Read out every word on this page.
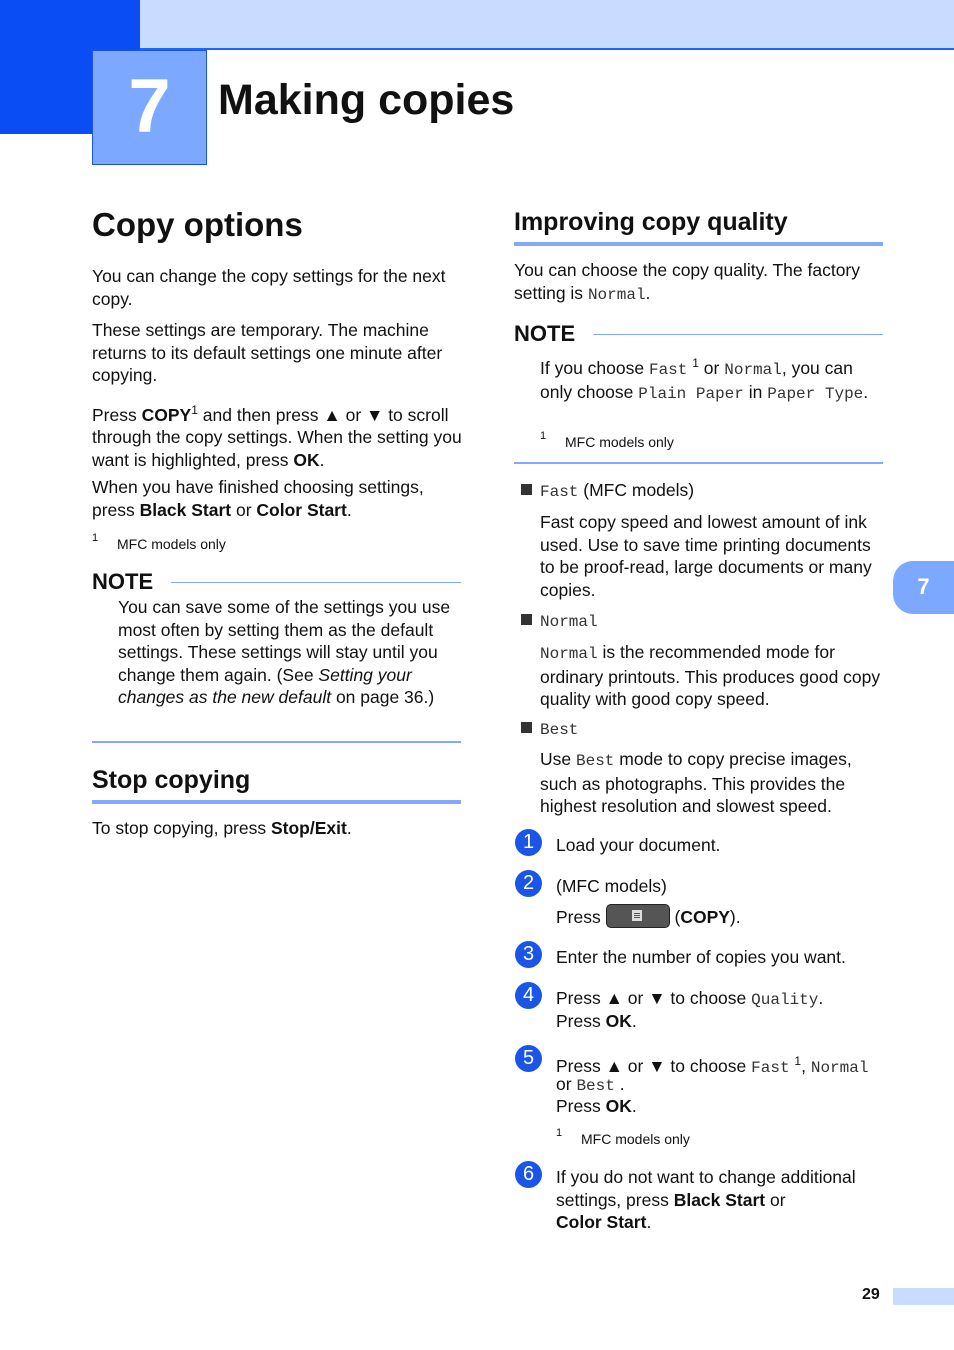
7	Making copies
Copy options

You can change the copy settings for the next copy.

These settings are temporary. The machine returns to its default settings one minute after copying.

Press COPY$^1$ and then press ▲ or ▼ to scroll through the copy settings. When the setting you want is highlighted, press OK.

When you have finished choosing settings, press Black Start or Color Start.

1 MFC models only
NOTE

You can save some of the settings you use most often by setting them as the default settings. These settings will stay until you change them again. (See Setting your changes as the new default on page 36.)

Stop copying

To stop copying, press Stop/Exit.

Improving copy quality

You can choose the copy quality. The factory setting is Normal.

NOTE

If you choose Fast $^1$ or Normal, you can only choose Plain Paper in Paper Type.

1 MFC models only

Fast (MFC models)

Fast copy speed and lowest amount of ink used. Use to save time printing documents to be proof-read, large documents or many copies.

Normal

Normal is the recommended mode for ordinary printouts. This produces good copy quality with good copy speed.

Best

Use Best mode to copy precise images, such as photographs. This provides the highest resolution and slowest speed.

1	Load your document.

2	(MFC models)

Press	(COPY).

3	Enter the number of copies you want.

4	Press ▲ or ▼ to choose Quality.

Press OK.

5	Press ▲ or ▼ to choose Fast $^1$, Normal

or Best .

Press OK.

1 MFC models only
6	If you do not want to change additional settings, press Black Start or
Color Start.

7
29
